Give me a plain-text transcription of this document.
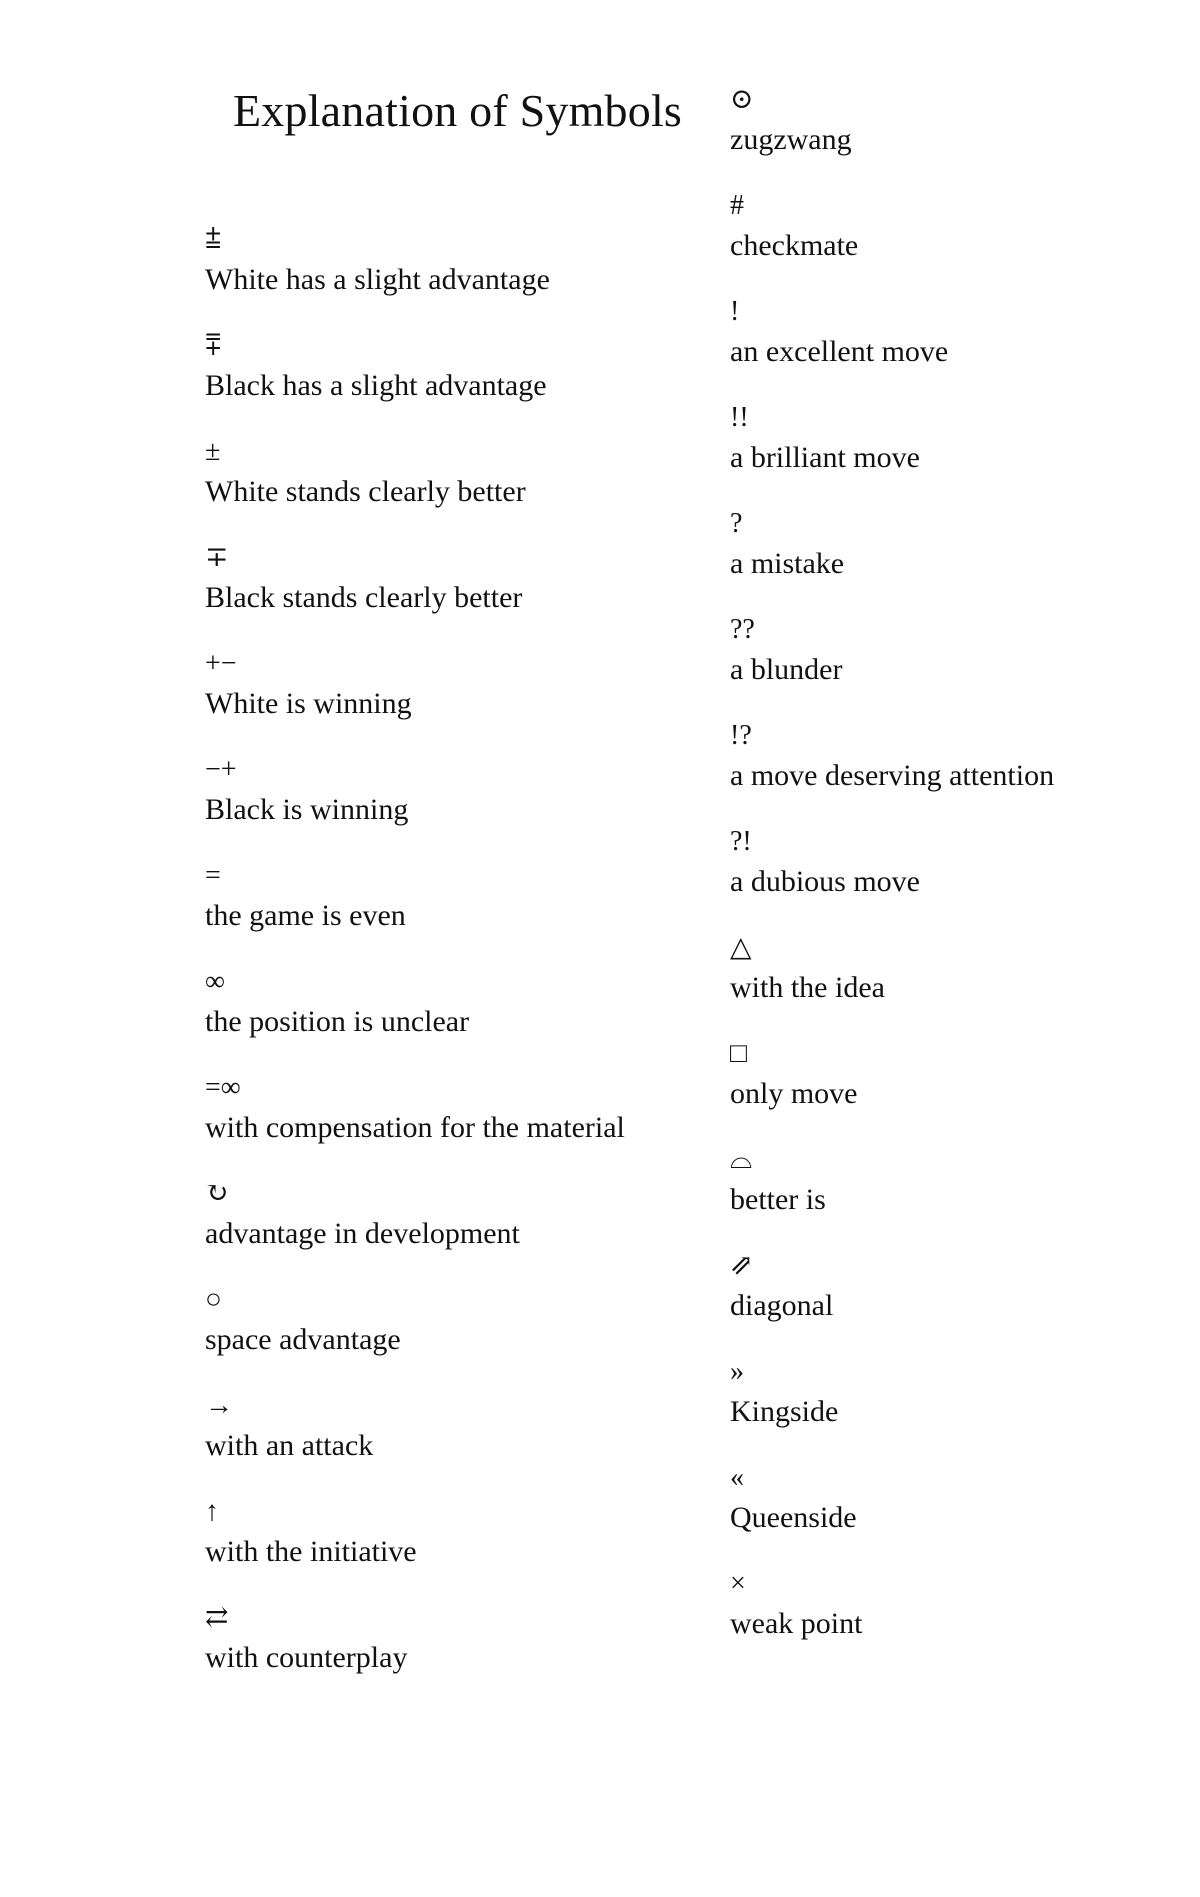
Explanation of Symbols
⩲
White has a slight advantage
⩱
Black has a slight advantage
±
White stands clearly better
∓
Black stands clearly better
+−
White is winning
−+
Black is winning
=
the game is even
∞
the position is unclear
=∞
with compensation for the material
↻
advantage in development
○
space advantage
→
with an attack
↑
with the initiative
⇄
with counterplay
⊙
zugzwang
#
checkmate
!
an excellent move
!!
a brilliant move
?
a mistake
??
a blunder
!?
a move deserving attention
?!
a dubious move
△
with the idea
□
only move
⌓
better is
⇗
diagonal
»
Kingside
«
Queenside
×
weak point
